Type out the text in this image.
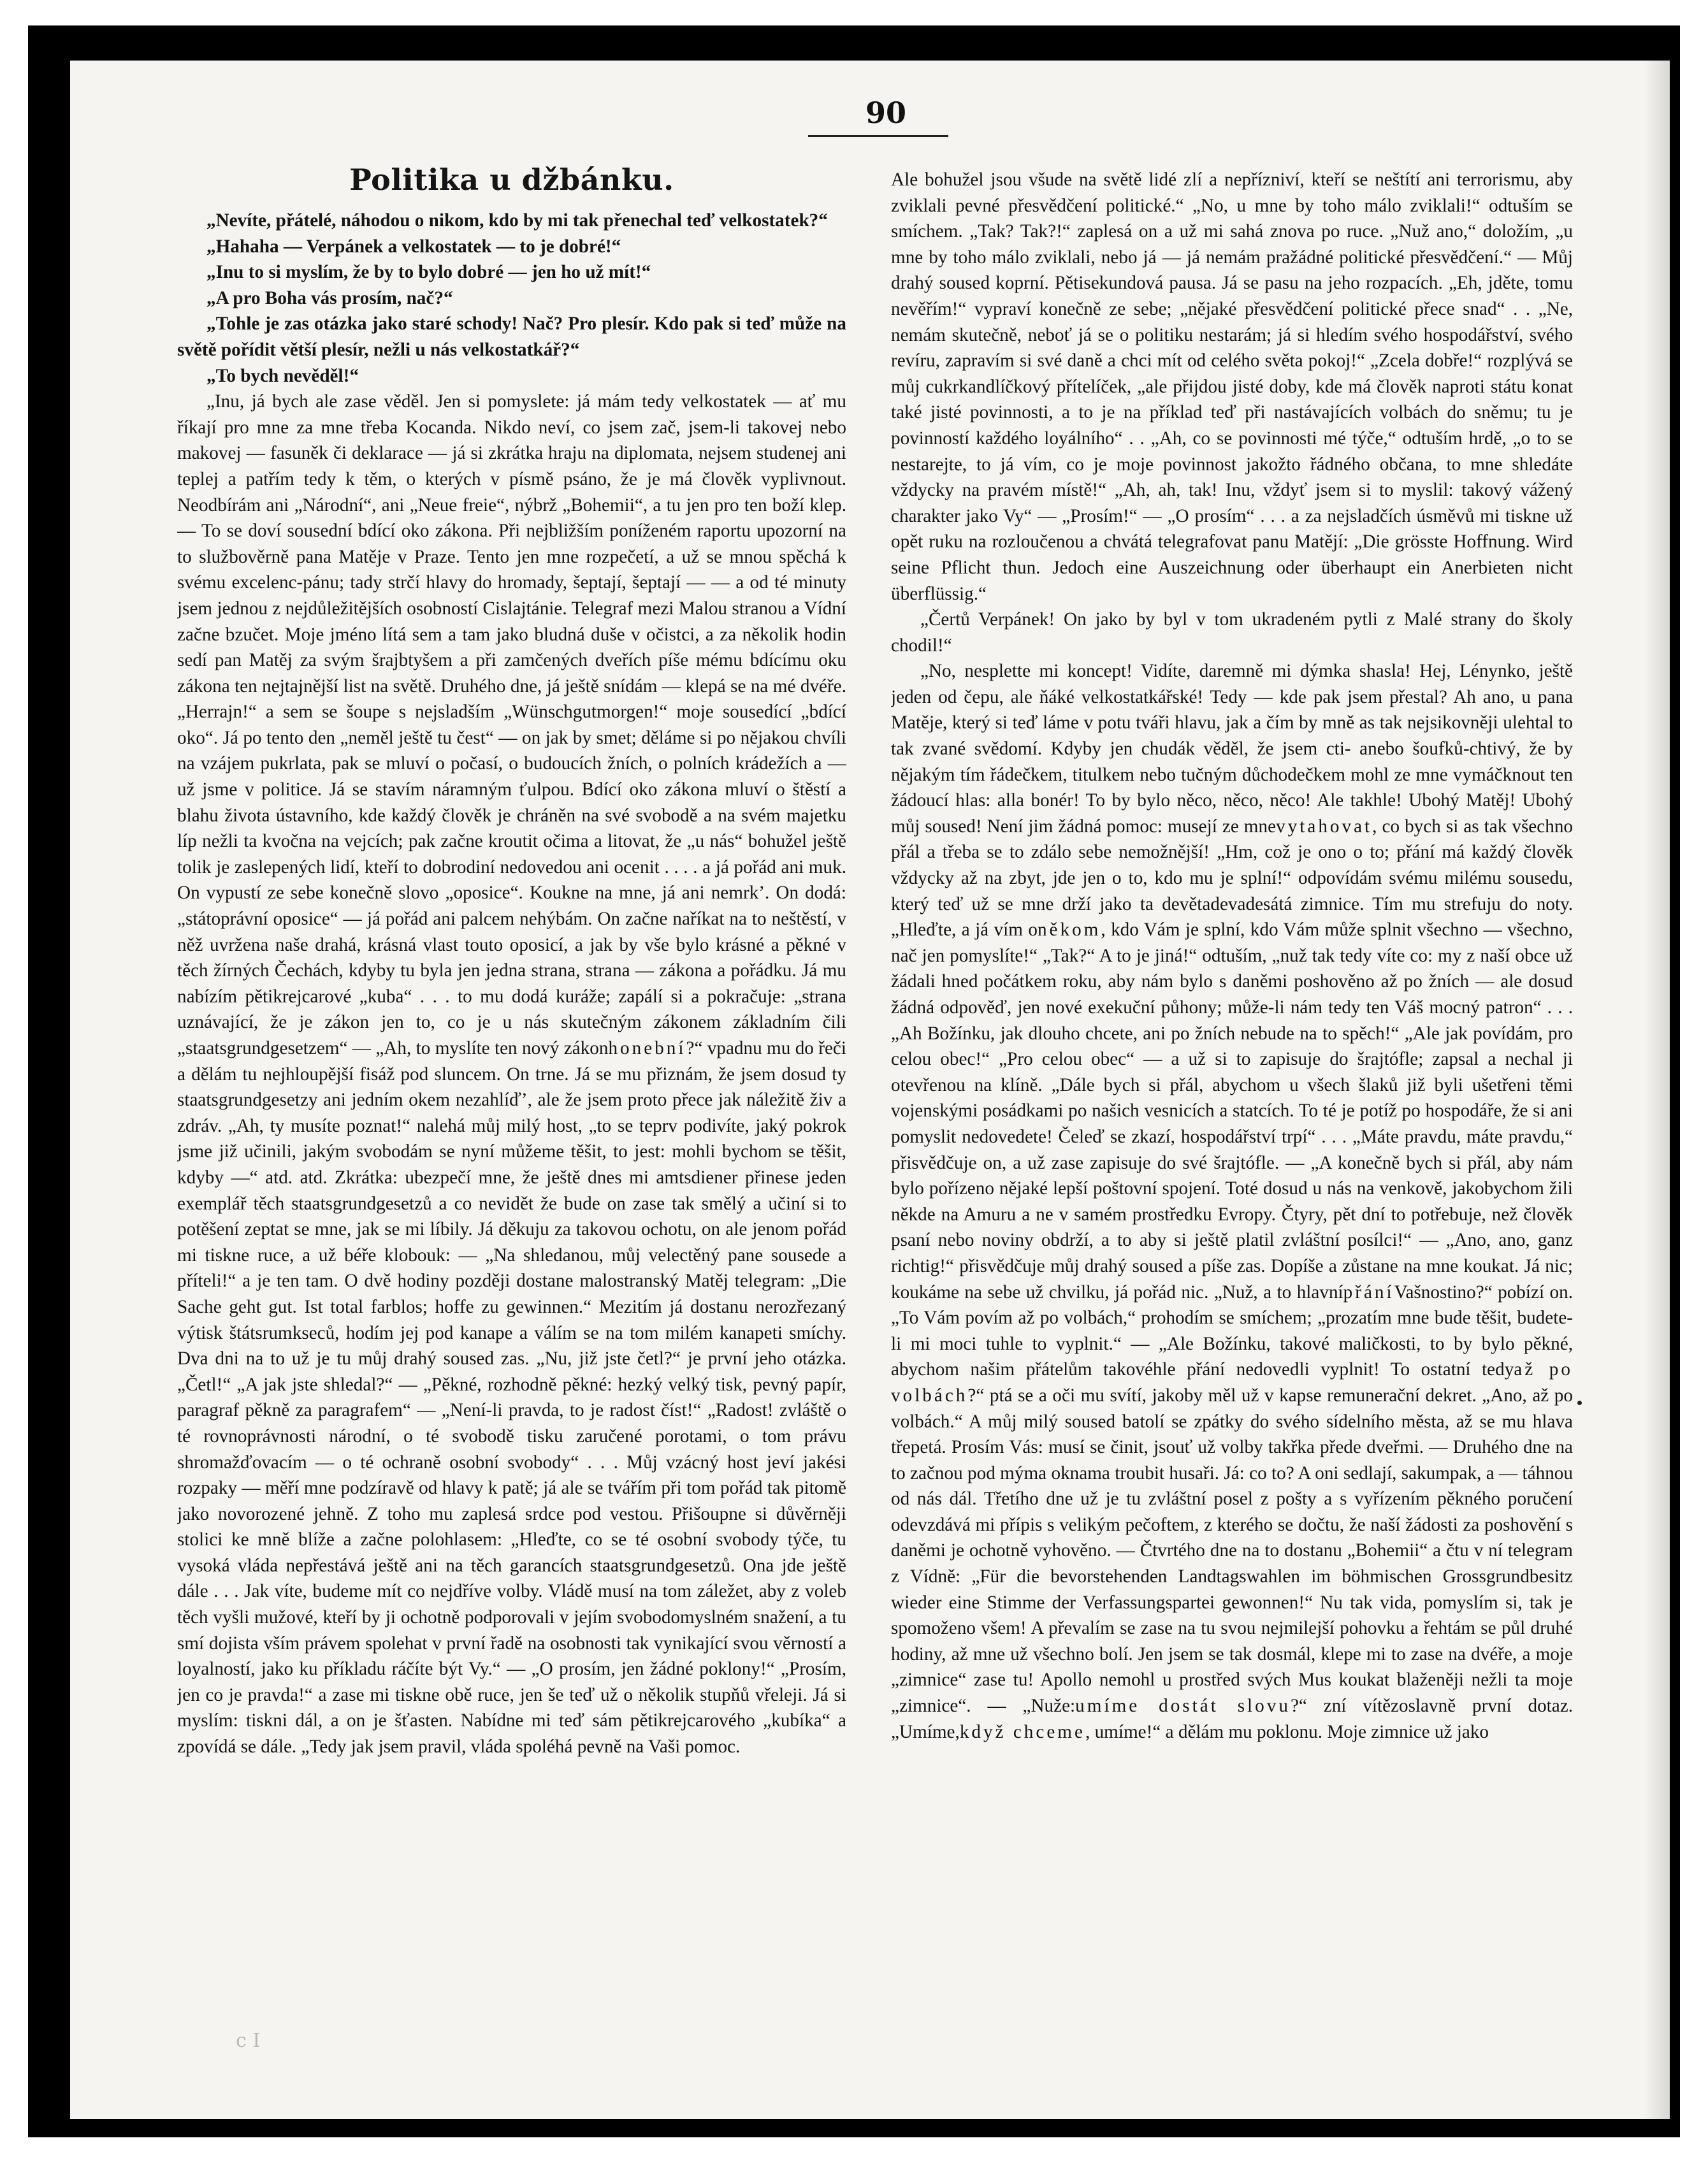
90
Politika u džbánku.

„Nevíte, přátelé, náhodou o nikom, kdo by mi tak přenechal teď velkostatek?“

„Hahaha — Verpánek a velkostatek — to je dobré!“

„Inu to si myslím, že by to bylo dobré — jen ho už mít!“

„A pro Boha vás prosím, nač?“

„Tohle je zas otázka jako staré schody! Nač? Pro plesír. Kdo pak si teď může na světě pořídit větší plesír, nežli u nás velkostatkář?“

„To bych nevěděl!“

„Inu, já bych ale zase věděl. Jen si pomyslete: já mám tedy velkostatek — ať mu říkají pro mne za mne třeba Kocanda. Nikdo neví, co jsem zač, jsem-li takovej nebo makovej — fasuněk či deklarace — já si zkrátka hraju na diplomata, nejsem studenej ani teplej a patřím tedy k těm, o kterých v písmě psáno, že je má člověk vyplivnout. Neodbírám ani „Národní“, ani „Neue freie“, nýbrž „Bohemii“, a tu jen pro ten boží klep. — To se doví sousední bdící oko zákona. Při nejbližším poníženém raportu upozorní na to službověrně pana Matěje v Praze. Tento jen mne rozpečetí, a už se mnou spěchá k svému excelenc-pánu; tady strčí hlavy do hromady, šeptají, šeptají — — a od té minuty jsem jednou z nejdůležitějších osobností Cislajtánie. Telegraf mezi Malou stranou a Vídní začne bzučet. Moje jméno lítá sem a tam jako bludná duše v očistci, a za několik hodin sedí pan Matěj za svým šrajbtyšem a při zamčených dveřích píše mému bdícímu oku zákona ten nejtajnější list na světě. Druhého dne, já ještě snídám — klepá se na mé dvéře. „Herrajn!“ a sem se šoupe s nejsladším „Wünschgutmorgen!“ moje sousedící „bdící oko“. Já po tento den „neměl ještě tu čest“ — on jak by smet; děláme si po nějakou chvíli na vzájem pukrlata, pak se mluví o počasí, o budoucích žních, o polních krádežích a — už jsme v politice. Já se stavím náramným ťulpou. Bdící oko zákona mluví o štěstí a blahu života ústavního, kde každý člověk je chráněn na své svobodě a na svém majetku líp nežli ta kvočna na vejcích; pak začne kroutit očima a litovat, že „u nás“ bohužel ještě tolik je zaslepených lidí, kteří to dobrodiní nedovedou ani ocenit . . . . a já pořád ani muk. On vypustí ze sebe konečně slovo „oposice“. Koukne na mne, já ani nemrk’. On dodá: „státoprávní oposice“ — já pořád ani palcem nehýbám. On začne naříkat na to neštěstí, v něž uvržena naše drahá, krásná vlast touto oposicí, a jak by vše bylo krásné a pěkné v těch žírných Čechách, kdyby tu byla jen jedna strana, strana — zákona a pořádku. Já mu nabízím pětikrejcarové „kuba“ . . . to mu dodá kuráže; zapálí si a pokračuje: „strana uznávající, že je zákon jen to, co je u nás skutečným zákonem základním čili „staatsgrundgesetzem“ — „Ah, to myslíte ten nový zákonhonební?“ vpadnu mu do řeči a dělám tu nejhloupější fisáž pod sluncem. On trne. Já se mu přiznám, že jsem dosud ty staatsgrundgesetzy ani jedním okem nezahlíď’, ale že jsem proto přece jak náležitě živ a zdráv. „Ah, ty musíte poznat!“ nalehá můj milý host, „to se teprv podivíte, jaký pokrok jsme již učinili, jakým svobodám se nyní můžeme těšit, to jest: mohli bychom se těšit, kdyby —“ atd. atd. Zkrátka: ubezpečí mne, že ještě dnes mi amtsdiener přinese jeden exemplář těch staatsgrundgesetzů a co nevidět že bude on zase tak smělý a učiní si to potěšení zeptat se mne, jak se mi líbily. Já děkuju za takovou ochotu, on ale jenom pořád mi tiskne ruce, a už béře klobouk: — „Na shledanou, můj velectěný pane sousede a příteli!“ a je ten tam. O dvě hodiny později dostane malostranský Matěj telegram: „Die Sache geht gut. Ist total farblos; hoffe zu gewinnen.“ Mezitím já dostanu nerozřezaný výtisk štátsrumkseců, hodím jej pod kanape a válím se na tom milém kanapeti smíchy. Dva dni na to už je tu můj drahý soused zas. „Nu, již jste četl?“ je první jeho otázka. „Četl!“ „A jak jste shledal?“ — „Pěkné, rozhodně pěkné: hezký velký tisk, pevný papír, paragraf pěkně za paragrafem“ — „Není-li pravda, to je radost číst!“ „Radost! zvláště o té rovnoprávnosti národní, o té svobodě tisku zaručené porotami, o tom právu shromažďovacím — o té ochraně osobní svobody“ . . . Můj vzácný host jeví jakési rozpaky — měří mne podzíravě od hlavy k patě; já ale se tvářím při tom pořád tak pitomě jako novorozené jehně. Z toho mu zaplesá srdce pod vestou. Přišoupne si důvěrněji stolici ke mně blíže a začne polohlasem: „Hleďte, co se té osobní svobody týče, tu vysoká vláda nepřestává ještě ani na těch garancích staatsgrundgesetzů. Ona jde ještě dále . . . Jak víte, budeme mít co nejdříve volby. Vládě musí na tom záležet, aby z voleb těch vyšli mužové, kteří by ji ochotně podporovali v jejím svobodomyslném snažení, a tu smí dojista vším právem spolehat v první řadě na osobnosti tak vynikající svou věrností a loyalností, jako ku příkladu ráčíte být Vy.“ — „O prosím, jen žádné poklony!“ „Prosím, jen co je pravda!“ a zase mi tiskne obě ruce, jen še teď už o několik stupňů vřeleji. Já si myslím: tiskni dál, a on je šťasten. Nabídne mi teď sám pětikrejcarového „kubíka“ a zpovídá se dále. „Tedy jak jsem pravil, vláda spoléhá pevně na Vaši pomoc.

Ale bohužel jsou všude na světě lidé zlí a nepřízniví, kteří se neštítí ani terrorismu, aby zviklali pevné přesvědčení politické.“ „No, u mne by toho málo zviklali!“ odtuším se smíchem. „Tak? Tak?!“ zaplesá on a už mi sahá znova po ruce. „Nuž ano,“ doložím, „u mne by toho málo zviklali, nebo já — já nemám pražádné politické přesvědčení.“ — Můj drahý soused koprní. Pětisekundová pausa. Já se pasu na jeho rozpacích. „Eh, jděte, tomu nevěřím!“ vypraví konečně ze sebe; „nějaké přesvědčení politické přece snad“ . . „Ne, nemám skutečně, neboť já se o politiku nestarám; já si hledím svého hospodářství, svého revíru, zapravím si své daně a chci mít od celého světa pokoj!“ „Zcela dobře!“ rozplývá se můj cukrkandlíčkový přítelíček, „ale přijdou jisté doby, kde má člověk naproti státu konat také jisté povinnosti, a to je na příklad teď při nastávajících volbách do sněmu; tu je povinností každého loyálního“ . . „Ah, co se povinnosti mé týče,“ odtuším hrdě, „o to se nestarejte, to já vím, co je moje povinnost jakožto řádného občana, to mne shledáte vždycky na pravém místě!“ „Ah, ah, tak! Inu, vždyť jsem si to myslil: takový vážený charakter jako Vy“ — „Prosím!“ — „O prosím“ . . . a za nejsladčích úsměvů mi tiskne už opět ruku na rozloučenou a chvátá telegrafovat panu Matějí: „Die grösste Hoffnung. Wird seine Pflicht thun. Jedoch eine Auszeichnung oder überhaupt ein Anerbieten nicht überflüssig.“

„Čertů Verpánek! On jako by byl v tom ukradeném pytli z Malé strany do školy chodil!“

„No, nesplette mi koncept! Vidíte, daremně mi dýmka shasla! Hej, Lénynko, ještě jeden od čepu, ale ňáké velkostatkářské! Tedy — kde pak jsem přestal? Ah ano, u pana Matěje, který si teď láme v potu tváři hlavu, jak a čím by mně as tak nejsikovněji ulehtal to tak zvané svědomí. Kdyby jen chudák věděl, že jsem cti- anebo šoufků-chtivý, že by nějakým tím řádečkem, titulkem nebo tučným důchodečkem mohl ze mne vymáčknout ten žádoucí hlas: alla bonér! To by bylo něco, něco, něco! Ale takhle! Ubohý Matěj! Ubohý můj soused! Není jim žádná pomoc: musejí ze mnevytahovat, co bych si as tak všechno přál a třeba se to zdálo sebe nemožnější! „Hm, což je ono o to; přání má každý člověk vždycky až na zbyt, jde jen o to, kdo mu je splní!“ odpovídám svému milému sousedu, který teď už se mne drží jako ta devětadevadesátá zimnice. Tím mu strefuju do noty. „Hleďte, a já vím oněkom, kdo Vám je splní, kdo Vám může splnit všechno — všechno, nač jen pomyslíte!“ „Tak?“ A to je jiná!“ odtuším, „nuž tak tedy víte co: my z naší obce už žádali hned počátkem roku, aby nám bylo s daněmi poshověno až po žních — ale dosud žádná odpověď, jen nové exekuční půhony; může-li nám tedy ten Váš mocný patron“ . . . „Ah Božínku, jak dlouho chcete, ani po žních nebude na to spěch!“ „Ale jak povídám, pro celou obec!“ „Pro celou obec“ — a už si to zapisuje do šrajtófle; zapsal a nechal ji otevřenou na klíně. „Dále bych si přál, abychom u všech šlaků již byli ušetřeni těmi vojenskými posádkami po našich vesnicích a statcích. To té je potíž po hospodáře, že si ani pomyslit nedovedete! Čeleď se zkazí, hospodářství trpí“ . . . „Máte pravdu, máte pravdu,“ přisvědčuje on, a už zase zapisuje do své šrajtófle. — „A konečně bych si přál, aby nám bylo pořízeno nějaké lepší poštovní spojení. Toté dosud u nás na venkově, jakobychom žili někde na Amuru a ne v samém prostředku Evropy. Čtyry, pět dní to potřebuje, než člověk psaní nebo noviny obdrží, a to aby si ještě platil zvláštní posílci!“ — „Ano, ano, ganz richtig!“ přisvědčuje můj drahý soused a píše zas. Dopíše a zůstane na mne koukat. Já nic; koukáme na sebe už chvilku, já pořád nic. „Nuž, a to hlavnípřáníVašnostino?“ pobízí on. „To Vám povím až po volbách,“ prohodím se smíchem; „prozatím mne bude těšit, budete-li mi moci tuhle to vyplnit.“ — „Ale Božínku, takové maličkosti, to by bylo pěkné, abychom našim přátelům takovéhle přání nedovedli vyplnit! To ostatní tedyaž po volbách?“ ptá se a oči mu svítí, jakoby měl už v kapse remunerační dekret. „Ano, až po volbách.“ A můj milý soused batolí se zpátky do svého sídelního města, až se mu hlava třepetá. Prosím Vás: musí se činit, jsouť už volby takřka přede dveřmi. — Druhého dne na to začnou pod mýma oknama troubit husaři. Já: co to? A oni sedlají, sakumpak, a — táhnou od nás dál. Třetího dne už je tu zvláštní posel z pošty a s vyřízením pěkného poručení odevzdává mi přípis s velikým pečoftem, z kterého se dočtu, že naší žádosti za poshovění s daněmi je ochotně vyhověno. — Čtvrtého dne na to dostanu „Bohemii“ a čtu v ní telegram z Vídně: „Für die bevorstehenden Landtagswahlen im böhmischen Grossgrundbesitz wieder eine Stimme der Verfassungspartei gewonnen!“ Nu tak vida, pomyslím si, tak je spomoženo všem! A převalím se zase na tu svou nejmilejší pohovku a řehtám se půl druhé hodiny, až mne už všechno bolí. Jen jsem se tak dosmál, klepe mi to zase na dvéře, a moje „zimnice“ zase tu! Apollo nemohl u prostřed svých Mus koukat blaženěji nežli ta moje „zimnice“. — „Nuže:umíme dostát slovu?“ zní vítězoslavně první dotaz. „Umíme,když chceme, umíme!“ a dělám mu poklonu. Moje zimnice už jako

c I
